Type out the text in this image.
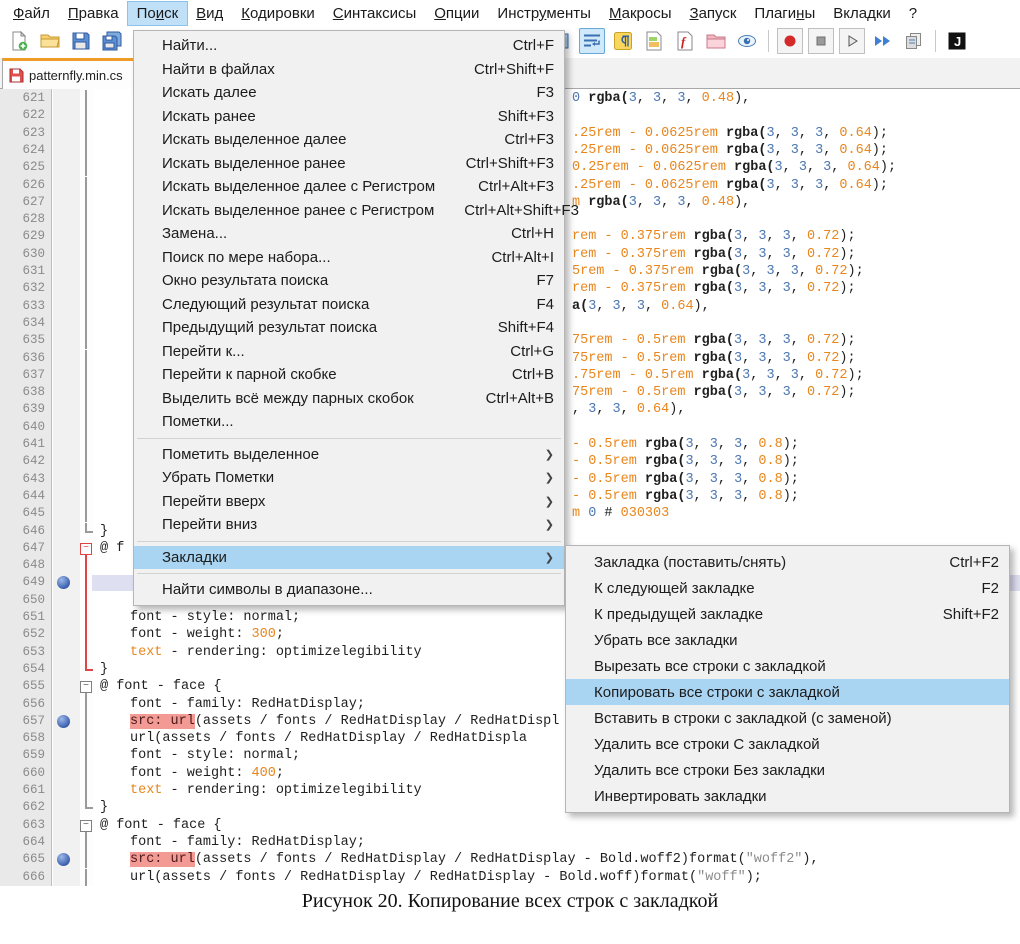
Файл	Правка	Поиск	Вид	Кодировки	Синтаксисы	Опции	Инструменты	Макросы	Запуск	Плагины	Вкладки	?
f	J
patternfly.min.cs
621	0 rgba(3, 3, 3, 0.48),
622
623	.25rem - 0.0625rem rgba(3, 3, 3, 0.64);
624	.25rem - 0.0625rem rgba(3, 3, 3, 0.64);
625	0.25rem - 0.0625rem rgba(3, 3, 3, 0.64);
626	.25rem - 0.0625rem rgba(3, 3, 3, 0.64);
627	m rgba(3, 3, 3, 0.48),
628
629	rem - 0.375rem rgba(3, 3, 3, 0.72);
630	rem - 0.375rem rgba(3, 3, 3, 0.72);
631	5rem - 0.375rem rgba(3, 3, 3, 0.72);
632	rem - 0.375rem rgba(3, 3, 3, 0.72);
633	a(3, 3, 3, 0.64),
634
635	75rem - 0.5rem rgba(3, 3, 3, 0.72);
636	75rem - 0.5rem rgba(3, 3, 3, 0.72);
637	.75rem - 0.5rem rgba(3, 3, 3, 0.72);
638	75rem - 0.5rem rgba(3, 3, 3, 0.72);
639	, 3, 3, 0.64),
640
641	- 0.5rem rgba(3, 3, 3, 0.8);
642	- 0.5rem rgba(3, 3, 3, 0.8);
643	- 0.5rem rgba(3, 3, 3, 0.8);
644	- 0.5rem rgba(3, 3, 3, 0.8);
645	m 0 # 030303
646	}
647	− @ f
648
649
650
651	font - style: normal;
652	font - weight: 300;
653	text - rendering: optimizelegibility
654	}
655	− @ font - face {
656	font - family: RedHatDisplay;
657	src: url(assets / fonts / RedHatDisplay / RedHatDispl
658	url(assets / fonts / RedHatDisplay / RedHatDispla
659	font - style: normal;
660	font - weight: 400;
661	text - rendering: optimizelegibility
662	}
663	− @ font - face {
664	font - family: RedHatDisplay;
665	src: url(assets / fonts / RedHatDisplay / RedHatDisplay - Bold.woff2)format("woff2"),
666	url(assets / fonts / RedHatDisplay / RedHatDisplay - Bold.woff)format("woff");
Найти...	Ctrl+F
Найти в файлах	Ctrl+Shift+F
Искать далее	F3
Искать ранее	Shift+F3
Искать выделенное далее	Ctrl+F3
Искать выделенное ранее	Ctrl+Shift+F3
Искать выделенное далее с Регистром	Ctrl+Alt+F3
Искать выделенное ранее с Регистром	Ctrl+Alt+Shift+F3
Замена...	Ctrl+H
Поиск по мере набора...	Ctrl+Alt+I
Окно результата поиска	F7
Следующий результат поиска	F4
Предыдущий результат поиска	Shift+F4
Перейти к...	Ctrl+G
Перейти к парной скобке	Ctrl+B
Выделить всё между парных скобок	Ctrl+Alt+B
Пометки...
Пометить выделенное	❯
Убрать Пометки	❯
Перейти вверх	❯
Перейти вниз	❯
Закладки	❯
Найти символы в диапазоне...
Закладка (поставить/снять)	Ctrl+F2
К следующей закладке	F2
К предыдущей закладке	Shift+F2
Убрать все закладки
Вырезать все строки с закладкой
Копировать все строки с закладкой
Вставить в строки с закладкой (с заменой)
Удалить все строки С закладкой
Удалить все строки Без закладки
Инвертировать закладки
Рисунок 20. Копирование всех строк с закладкой
